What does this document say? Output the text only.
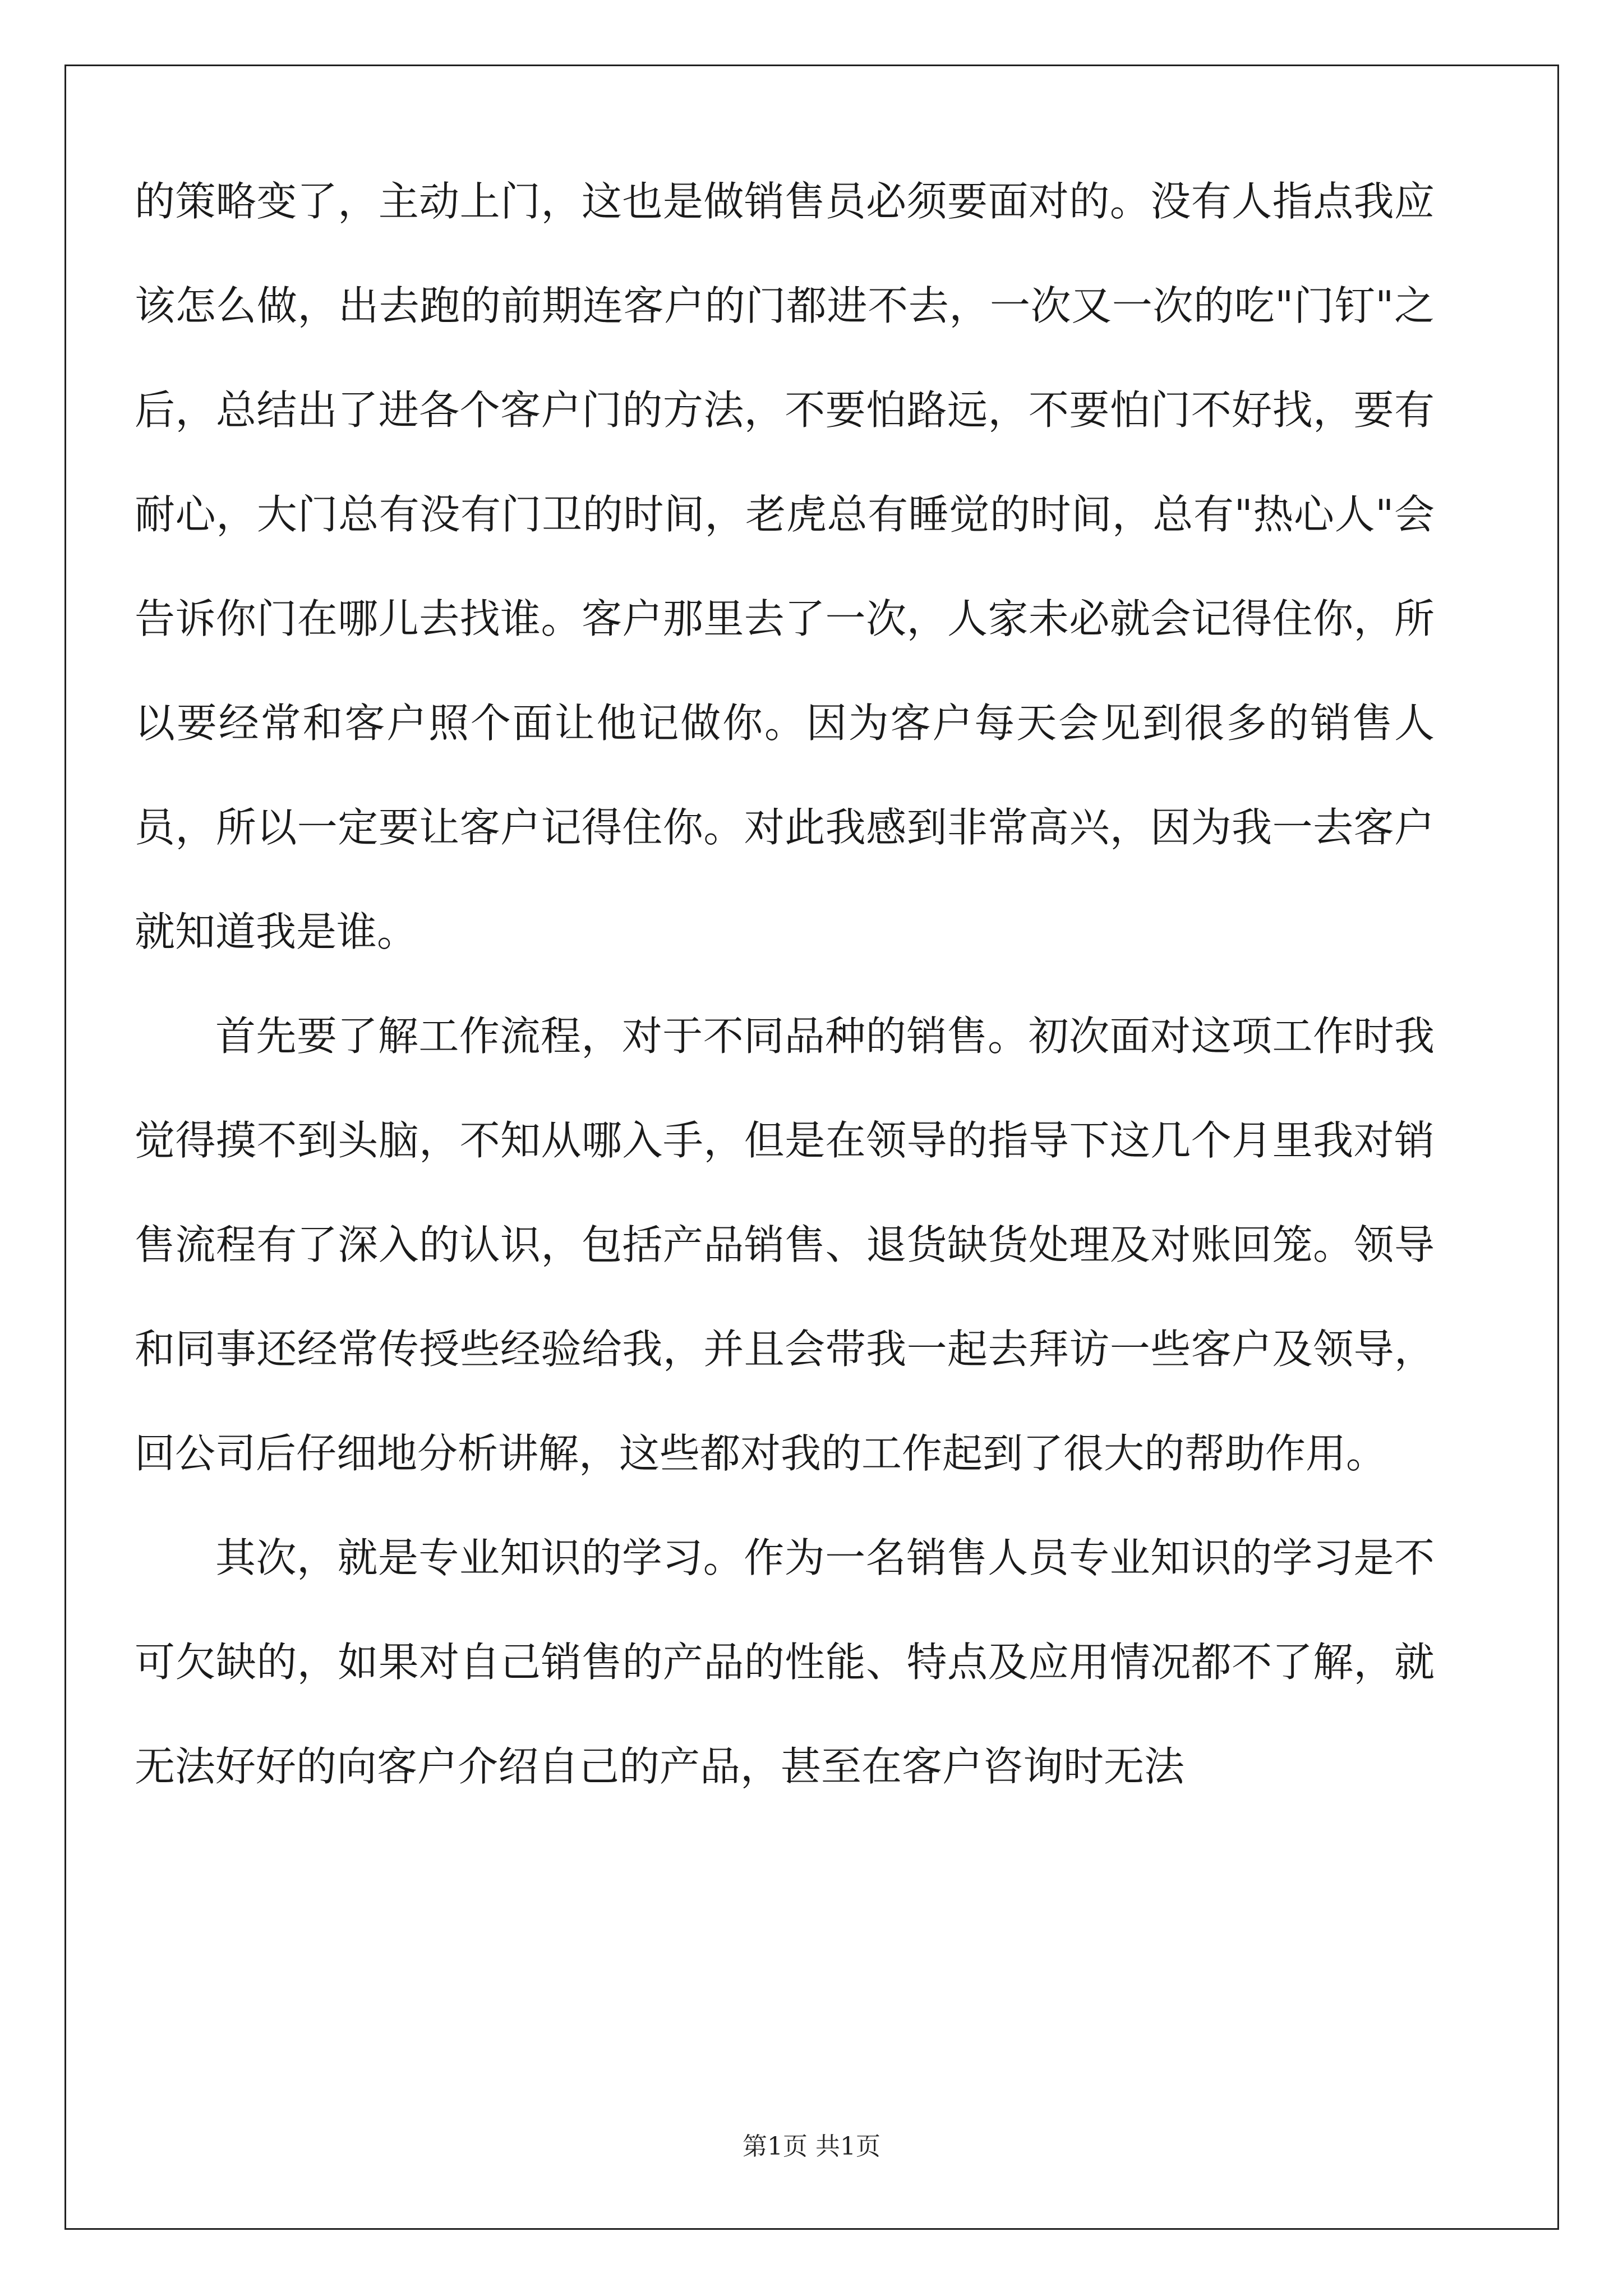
的策略变了，主动上门，这也是做销售员必须要面对的。没有人指点我应该怎么做，出去跑的前期连客户的门都进不去，一次又一次的吃"门钉"之后，总结出了进各个客户门的方法，不要怕路远，不要怕门不好找，要有耐心，大门总有没有门卫的时间，老虎总有睡觉的时间，总有"热心人"会告诉你门在哪儿去找谁。客户那里去了一次，人家未必就会记得住你，所以要经常和客户照个面让他记做你。因为客户每天会见到很多的销售人员，所以一定要让客户记得住你。对此我感到非常高兴，因为我一去客户就知道我是谁。

首先要了解工作流程，对于不同品种的销售。初次面对这项工作时我觉得摸不到头脑，不知从哪入手，但是在领导的指导下这几个月里我对销售流程有了深入的认识，包括产品销售、退货缺货处理及对账回笼。领导和同事还经常传授些经验给我，并且会带我一起去拜访一些客户及领导，回公司后仔细地分析讲解，这些都对我的工作起到了很大的帮助作用。

其次，就是专业知识的学习。作为一名销售人员专业知识的学习是不可欠缺的，如果对自己销售的产品的性能、特点及应用情况都不了解，就无法好好的向客户介绍自己的产品，甚至在客户咨询时无法

第1页 共1页
